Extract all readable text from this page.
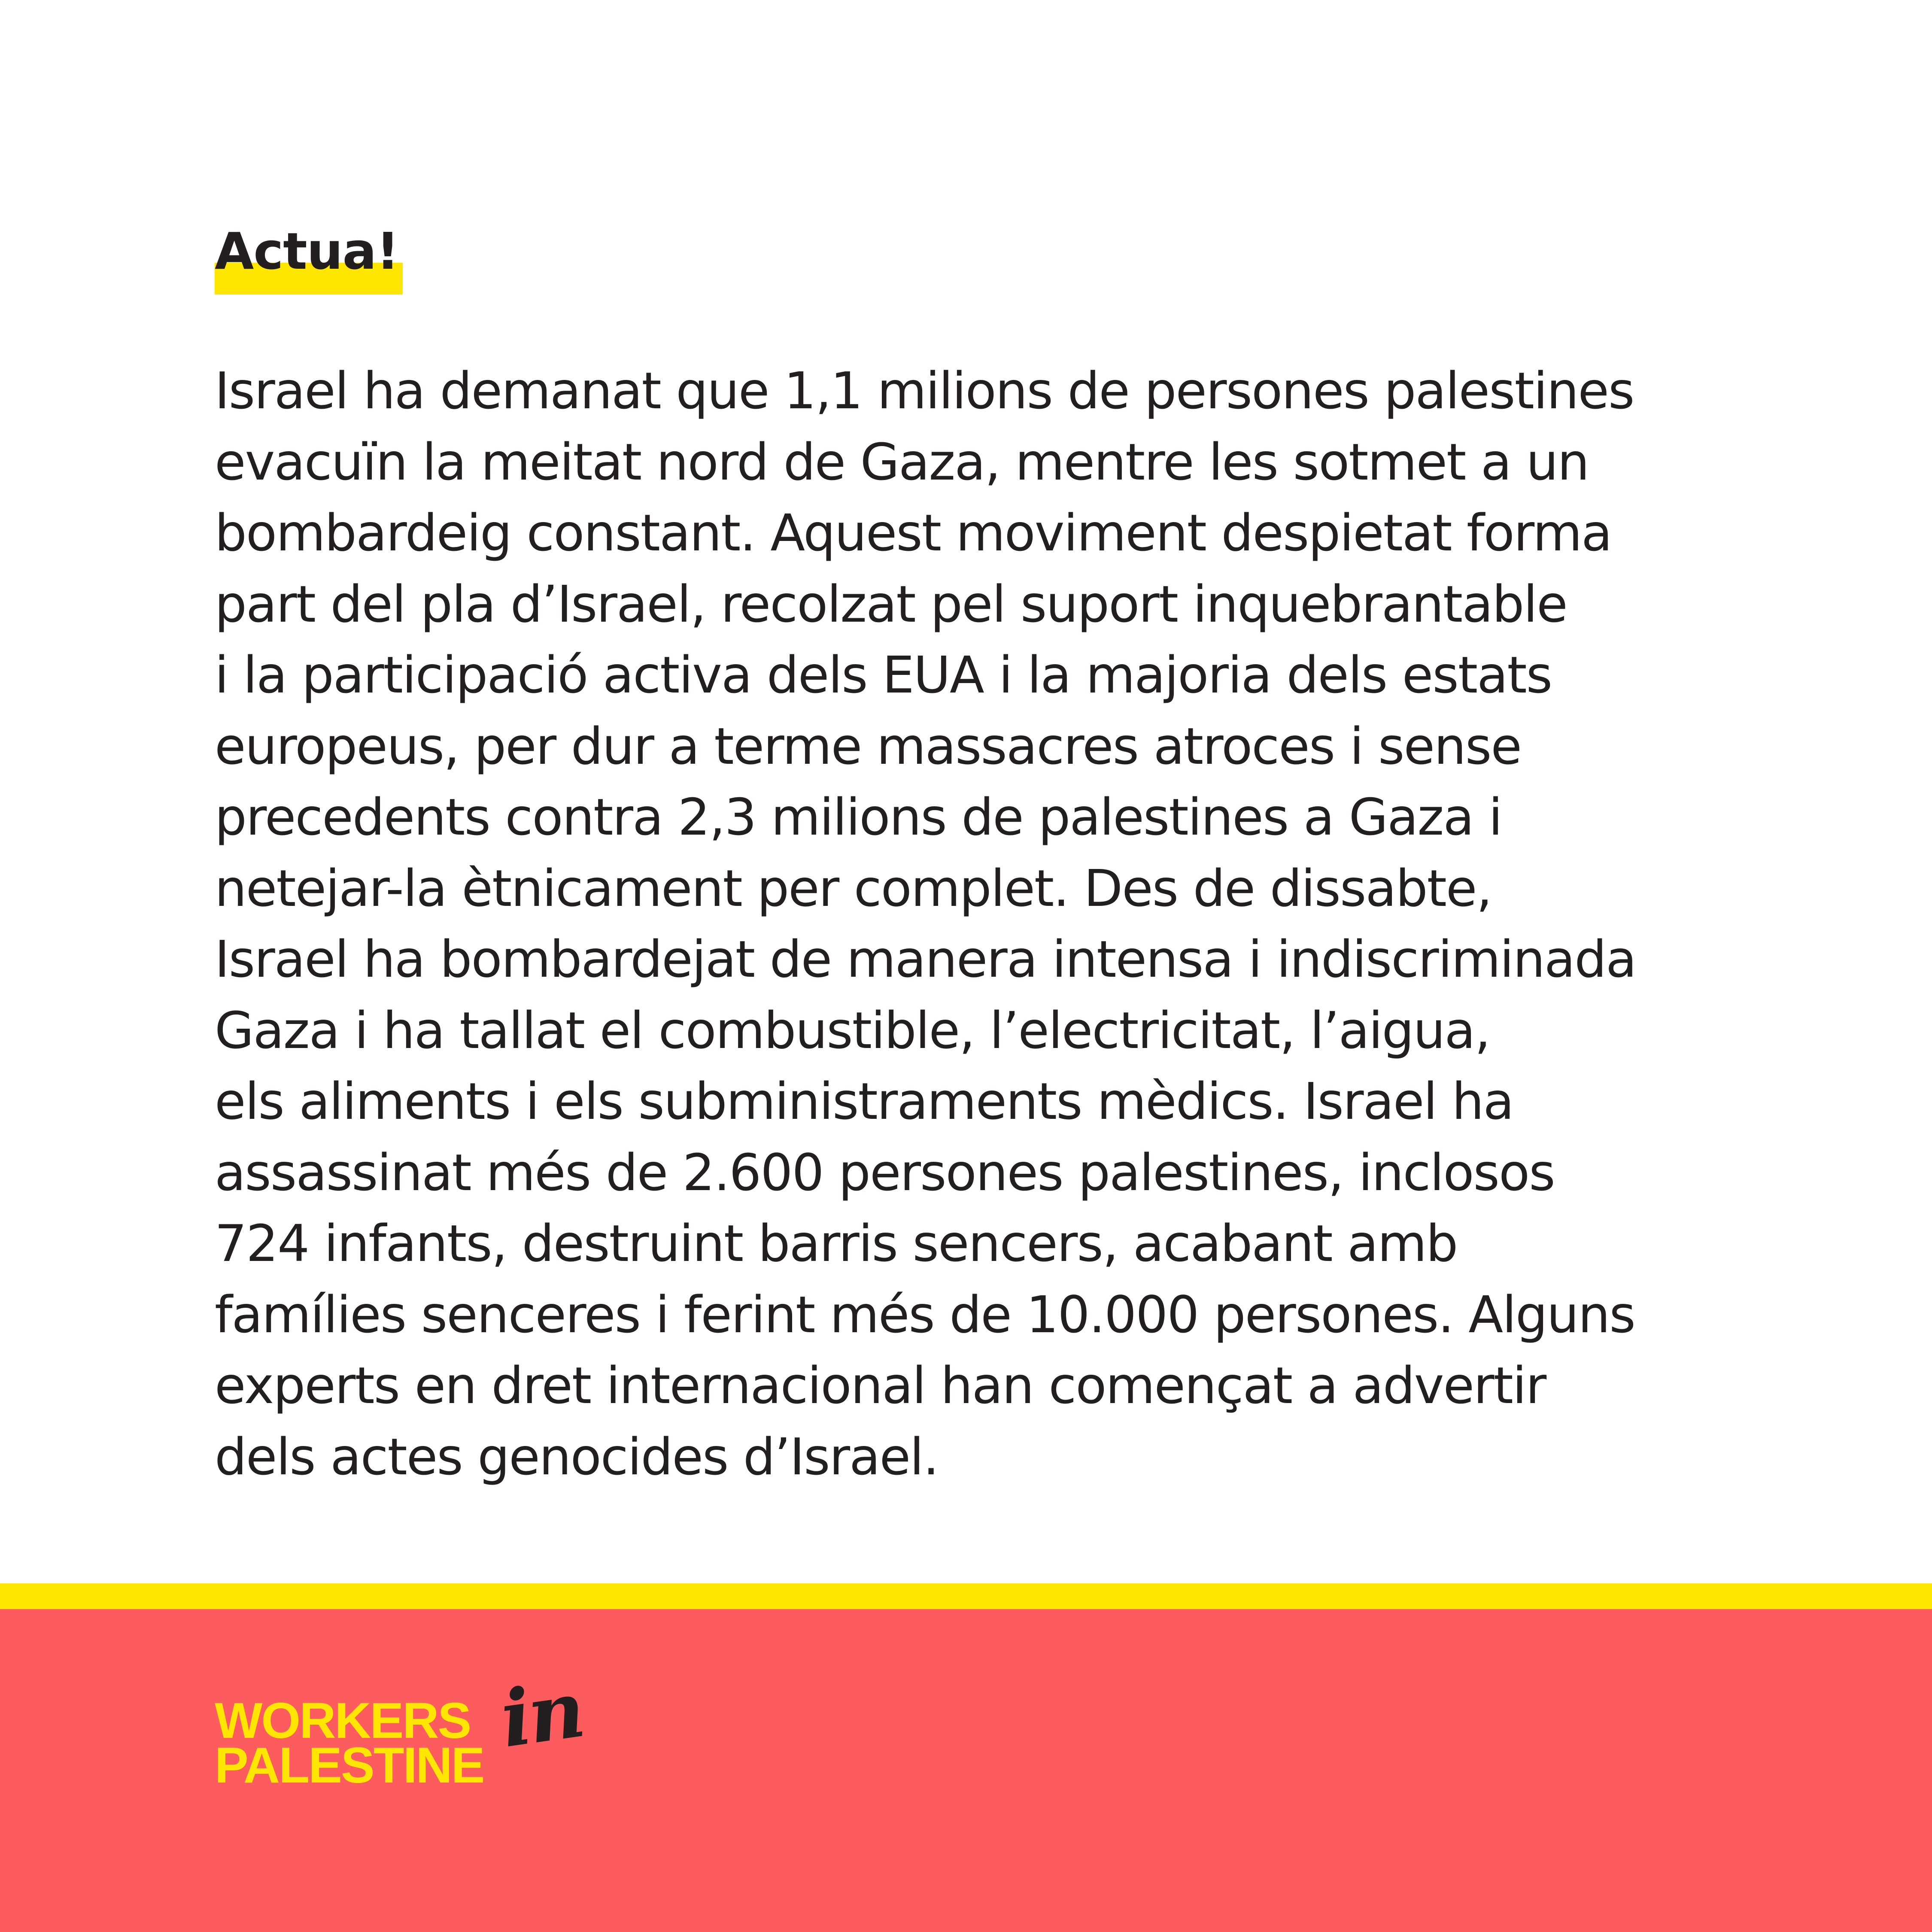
Actua!
Israel ha demanat que 1,1 milions de persones palestines
evacuïn la meitat nord de Gaza, mentre les sotmet a un
bombardeig constant. Aquest moviment despietat forma
part del pla d’Israel, recolzat pel suport inquebrantable
i la participació activa dels EUA i la majoria dels estats
europeus, per dur a terme massacres atroces i sense
precedents contra 2,3 milions de palestines a Gaza i
netejar-la ètnicament per complet. Des de dissabte,
Israel ha bombardejat de manera intensa i indiscriminada
Gaza i ha tallat el combustible, l’electricitat, l’aigua,
els aliments i els subministraments mèdics. Israel ha
assassinat més de 2.600 persones palestines, inclosos
724 infants, destruint barris sencers, acabant amb
famílies senceres i ferint més de 10.000 persones. Alguns
experts en dret internacional han començat a advertir
dels actes genocides d’Israel.

WORKERS

PALESTINE

in
